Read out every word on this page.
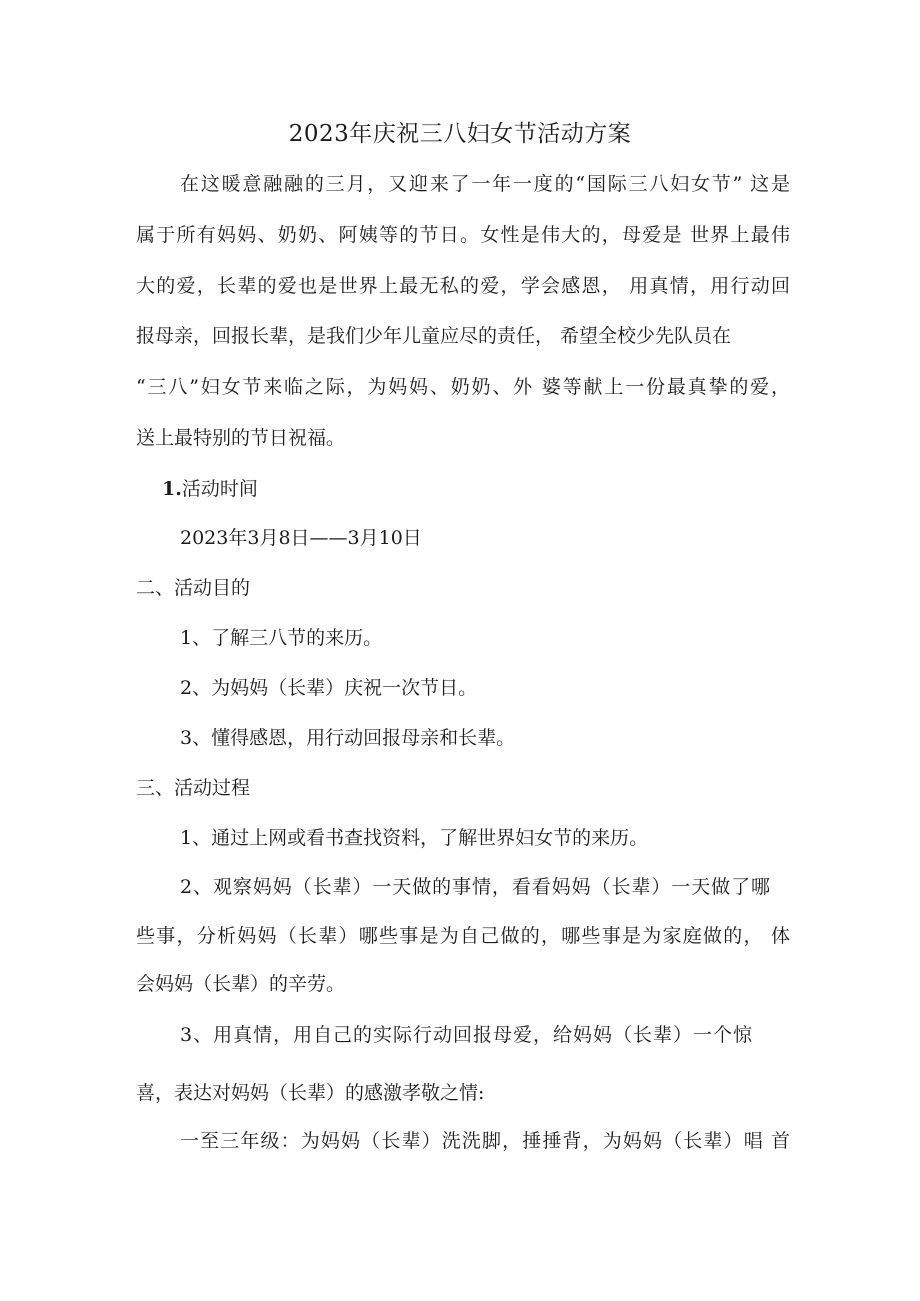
2023年庆祝三八妇女节活动方案
在这暖意融融的三月，又迎来了一年一度的“国际三八妇女节” 这是
属于所有妈妈、奶奶、阿姨等的节日。女性是伟大的，母爱是 世界上最伟
大的爱，长辈的爱也是世界上最无私的爱，学会感恩， 用真情，用行动回
报母亲，回报长辈，是我们少年儿童应尽的责任， 希望全校少先队员在
“三八”妇女节来临之际，为妈妈、奶奶、外 婆等献上一份最真挚的爱，
送上最特别的节日祝福。
1.活动时间
2023年3月8日——3月10日
二、活动目的
1、了解三八节的来历。
2、为妈妈（长辈）庆祝一次节日。
3、懂得感恩，用行动回报母亲和长辈。
三、活动过程
1、通过上网或看书查找资料，了解世界妇女节的来历。
2、观察妈妈（长辈）一天做的事情，看看妈妈（长辈）一天做了哪
些事，分析妈妈（长辈）哪些事是为自己做的，哪些事是为家庭做的， 体
会妈妈（长辈）的辛劳。
3、用真情，用自己的实际行动回报母爱，给妈妈（长辈）一个惊
喜，表达对妈妈（长辈）的感激孝敬之情:
一至三年级：为妈妈（长辈）洗洗脚，捶捶背，为妈妈（长辈）唱 首
